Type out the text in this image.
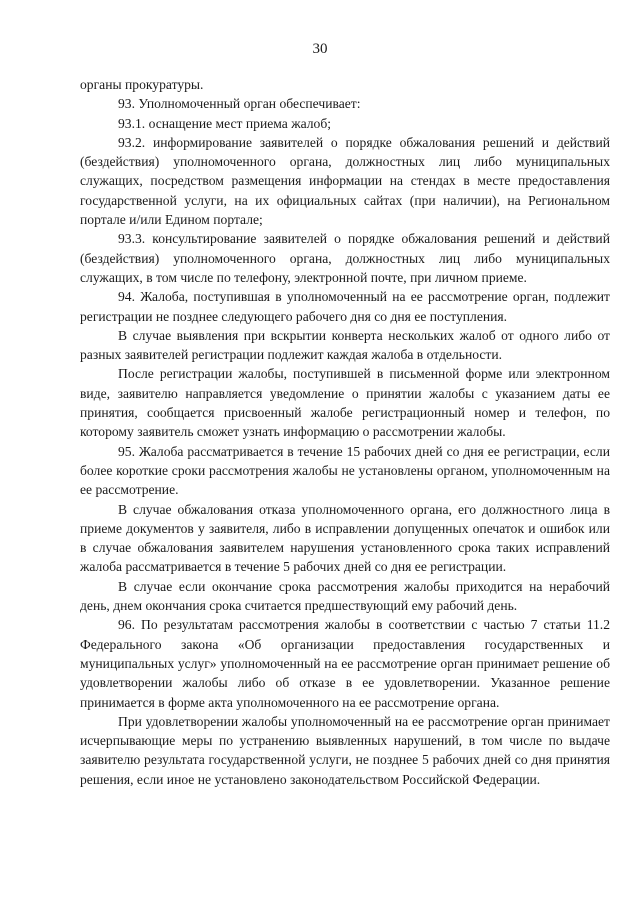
30

органы прокуратуры.

93. Уполномоченный орган обеспечивает:

93.1. оснащение мест приема жалоб;

93.2. информирование заявителей о порядке обжалования решений и действий (бездействия) уполномоченного органа, должностных лиц либо муниципальных служащих, посредством размещения информации на стендах в месте предоставления государственной услуги, на их официальных сайтах (при наличии), на Региональном портале и/или Едином портале;

93.3. консультирование заявителей о порядке обжалования решений и действий (бездействия) уполномоченного органа, должностных лиц либо муниципальных служащих, в том числе по телефону, электронной почте, при личном приеме.

94. Жалоба, поступившая в уполномоченный на ее рассмотрение орган, подлежит регистрации не позднее следующего рабочего дня со дня ее поступления.

В случае выявления при вскрытии конверта нескольких жалоб от одного либо от разных заявителей регистрации подлежит каждая жалоба в отдельности.

После регистрации жалобы, поступившей в письменной форме или электронном виде, заявителю направляется уведомление о принятии жалобы с указанием даты ее принятия, сообщается присвоенный жалобе регистрационный номер и телефон, по которому заявитель сможет узнать информацию о рассмотрении жалобы.

95. Жалоба рассматривается в течение 15 рабочих дней со дня ее регистрации, если более короткие сроки рассмотрения жалобы не установлены органом, уполномоченным на ее рассмотрение.

В случае обжалования отказа уполномоченного органа, его должностного лица в приеме документов у заявителя, либо в исправлении допущенных опечаток и ошибок или в случае обжалования заявителем нарушения установленного срока таких исправлений жалоба рассматривается в течение 5 рабочих дней со дня ее регистрации.

В случае если окончание срока рассмотрения жалобы приходится на нерабочий день, днем окончания срока считается предшествующий ему рабочий день.

96. По результатам рассмотрения жалобы в соответствии с частью 7 статьи 11.2 Федерального закона «Об организации предоставления государственных и муниципальных услуг» уполномоченный на ее рассмотрение орган принимает решение об удовлетворении жалобы либо об отказе в ее удовлетворении. Указанное решение принимается в форме акта уполномоченного на ее рассмотрение органа.

При удовлетворении жалобы уполномоченный на ее рассмотрение орган принимает исчерпывающие меры по устранению выявленных нарушений, в том числе по выдаче заявителю результата государственной услуги, не позднее 5 рабочих дней со дня принятия решения, если иное не установлено законодательством Российской Федерации.
